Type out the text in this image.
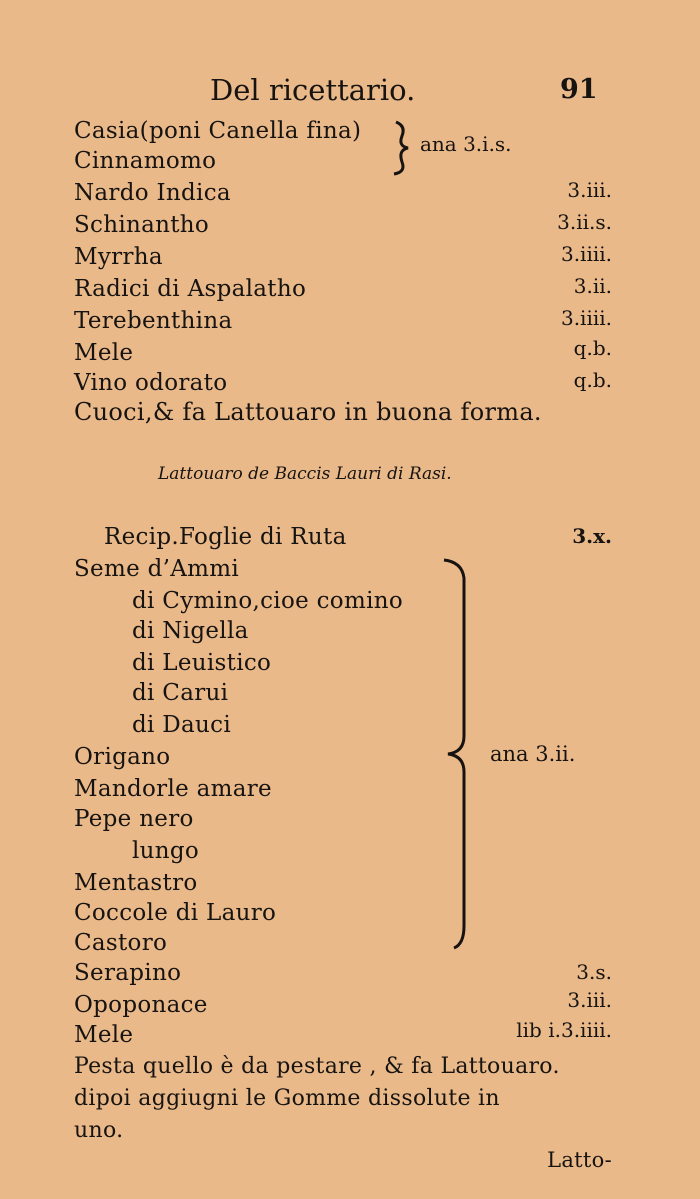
Del ricettario.	91
Casia(poni Canella fina)
Cinnamomo
ana 3.i.s.
Nardo Indica	3.iii.
Schinantho	3.ii.s.
Myrrha	3.iiii.
Radici di Aspalatho	3.ii.
Terebenthina	3.iiii.
Mele	q.b.
Vino odorato	q.b.
Cuoci,& fa Lattouaro in buona forma.
Lattouaro de Baccis Lauri di Rasi.
Recip.Foglie di Ruta	3.x.
Seme d’Ammi
di Cymino,cioe comino
di Nigella
di Leuistico
di Carui
di Dauci
Origano
Mandorle amare
Pepe nero
lungo
Mentastro
Coccole di Lauro
Castoro
ana 3.ii.
Serapino	3.s.
Opoponace	3.iii.
Mele	lib i.3.iiii.
Pesta quello è da pestare , & fa Lattouaro.
dipoi aggiugni le Gomme dissolute in
uno.
Latto-
